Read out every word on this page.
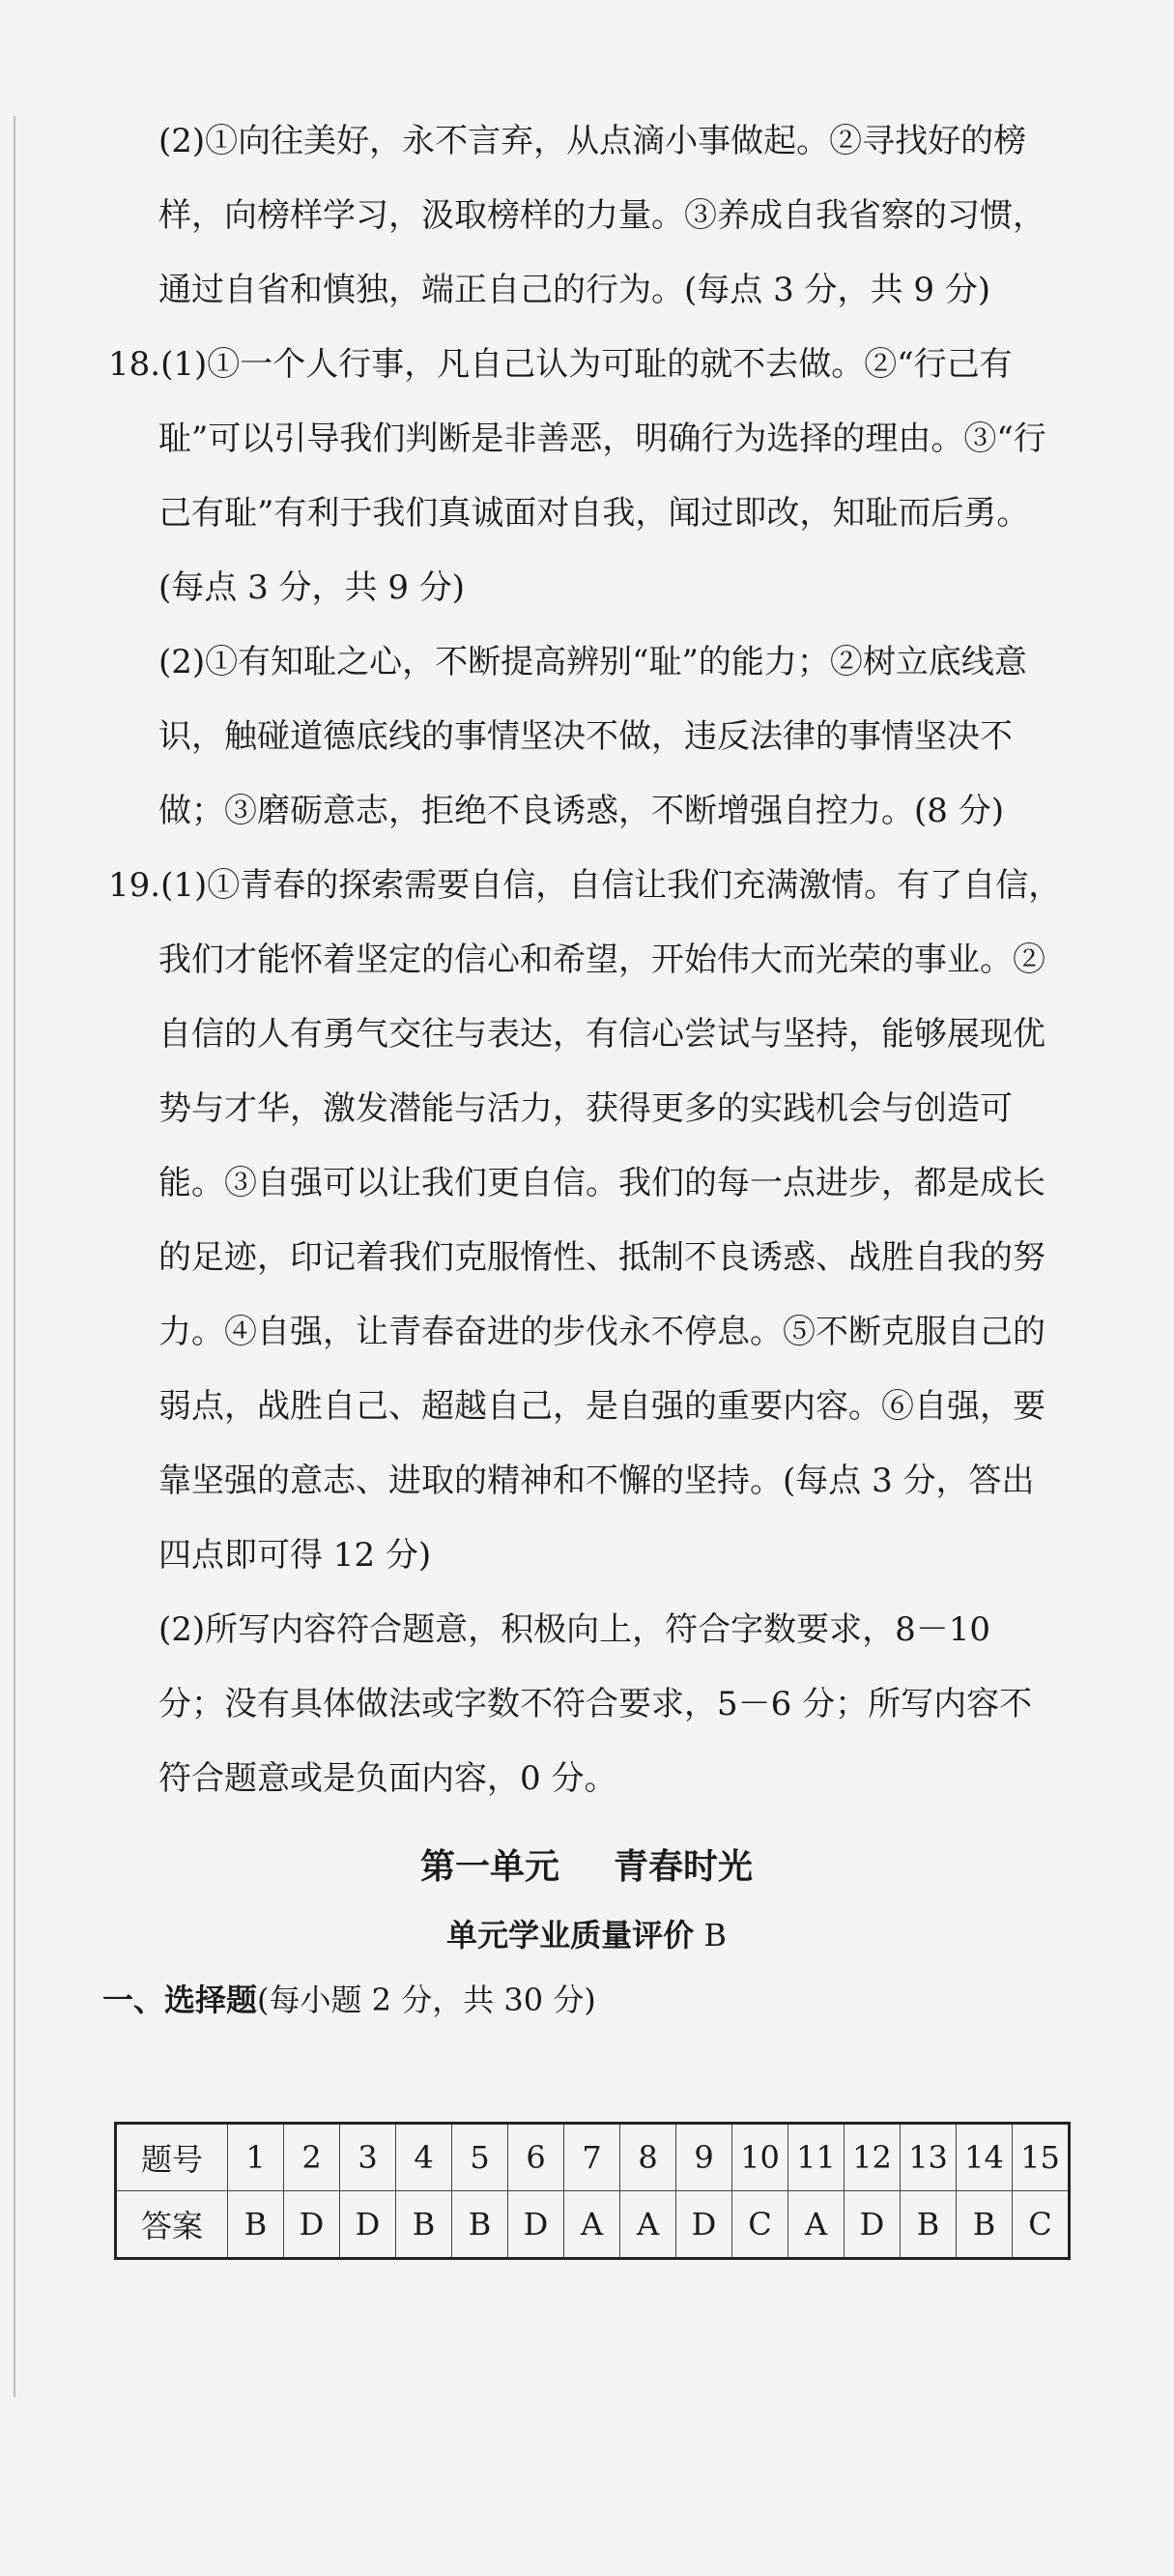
(2)①向往美好，永不言弃，从点滴小事做起。②寻找好的榜样，向榜样学习，汲取榜样的力量。③养成自我省察的习惯，通过自省和慎独，端正自己的行为。(每点 3 分，共 9 分)

18.(1)①一个人行事，凡自己认为可耻的就不去做。②“行己有耻”可以引导我们判断是非善恶，明确行为选择的理由。③“行己有耻”有利于我们真诚面对自我，闻过即改，知耻而后勇。(每点 3 分，共 9 分)

(2)①有知耻之心，不断提高辨别“耻”的能力；②树立底线意识，触碰道德底线的事情坚决不做，违反法律的事情坚决不做；③磨砺意志，拒绝不良诱惑，不断增强自控力。(8 分)

19.(1)①青春的探索需要自信，自信让我们充满激情。有了自信，我们才能怀着坚定的信心和希望，开始伟大而光荣的事业。②自信的人有勇气交往与表达，有信心尝试与坚持，能够展现优势与才华，激发潜能与活力，获得更多的实践机会与创造可能。③自强可以让我们更自信。我们的每一点进步，都是成长的足迹，印记着我们克服惰性、抵制不良诱惑、战胜自我的努力。④自强，让青春奋进的步伐永不停息。⑤不断克服自己的弱点，战胜自己、超越自己，是自强的重要内容。⑥自强，要靠坚强的意志、进取的精神和不懈的坚持。(每点 3 分，答出四点即可得 12 分)

(2)所写内容符合题意，积极向上，符合字数要求，8－10 分；没有具体做法或字数不符合要求，5－6 分；所写内容不符合题意或是负面内容，0 分。

第一单元 青春时光
单元学业质量评价 B
一、选择题(每小题 2 分，共 30 分)
题号	1	2	3	4	5	6	7	8	9	10	11	12	13	14	15
答案	B	D	D	B	B	D	A	A	D	C	A	D	B	B	C
